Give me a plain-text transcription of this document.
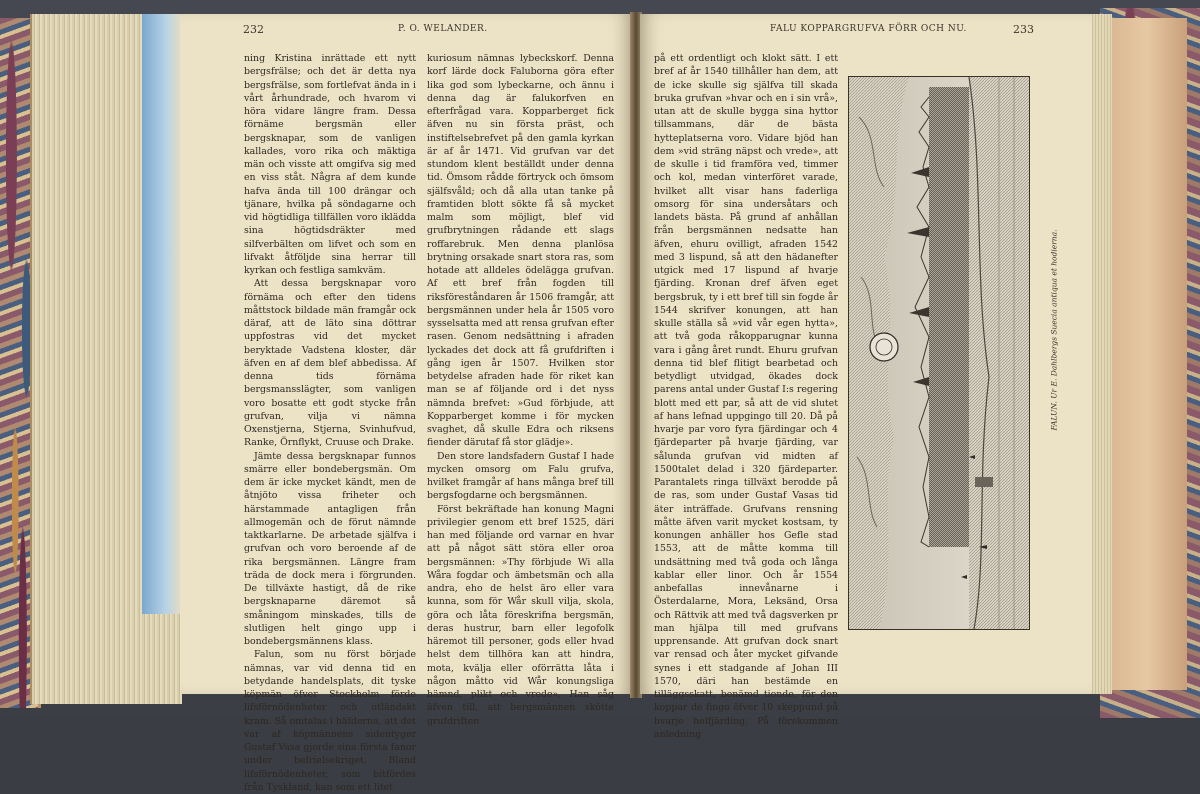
232	P. O. WELANDER.

ning Kristina inrättade ett nytt bergsfrälse; och det är detta nya bergsfrälse, som fortlefvat ända in i vårt århundrade, och hvarom vi höra vidare längre fram. Dessa förnäme bergsmän eller bergsknapar, som de vanligen kallades, voro rika och mäktiga män och visste att omgifva sig med en viss ståt. Några af dem kunde hafva ända till 100 drängar och tjänare, hvilka på söndagarne och vid högtidliga tillfällen voro iklädda sina högtidsdräkter med silfverbälten om lifvet och som en lifvakt åtföljde sina herrar till kyrkan och festliga samkväm.

Att dessa bergsknapar voro förnäma och efter den tidens måttstock bildade män framgår ock däraf, att de läto sina döttrar uppfostras vid det mycket beryktade Vadstena kloster, där äfven en af dem blef abbedissa. Af denna tids förnäma bergsmansslägter, som vanligen voro bosatte ett godt stycke från grufvan, vilja vi nämna Oxenstjerna, Stjerna, Svinhufvud, Ranke, Örnflykt, Cruuse och Drake.

Jämte dessa bergsknapar funnos smärre eller bondebergsmän. Om dem är icke mycket kändt, men de åtnjöto vissa friheter och härstammade antagligen från allmogemän och de förut nämnde taktkarlarne. De arbetade själfva i grufvan och voro beroende af de rika bergsmännen. Längre fram träda de dock mera i förgrunden. De tillväxte hastigt, då de rike bergsknaparne däremot så småningom minskades, tills de slutligen helt gingo upp i bondebergsmännens klass.

Falun, som nu först började nämnas, var vid denna tid en betydande handelsplats, dit tyske köpmän öfver Stockholm förde lifsförnödenheter och utländskt kram. Så omtalas i häfderna, att det var af köpmännens sidentyger Gustaf Vasa gjorde sina första fanor under befrielsekriget. Bland lifsförnödenheter, som bitfördes från Tyskland, kan som ett litet

kuriosum nämnas lybeckskorf. Denna korf lärde dock Faluborna göra efter lika god som lybeckarne, och ännu i denna dag är falukorfven en efterfrågad vara. Kopparberget fick äfven nu sin första präst, och instiftelsebrefvet på den gamla kyrkan är af år 1471. Vid grufvan var det stundom klent beställdt under denna tid. Ömsom rådde förtryck och ömsom själfsvåld; och då alla utan tanke på framtiden blott sökte få så mycket malm som möjligt, blef vid grufbrytningen rådande ett slags roffarebruk. Men denna planlösa brytning orsakade snart stora ras, som hotade att alldeles ödelägga grufvan. Af ett bref från fogden till riksföreståndaren år 1506 framgår, att bergsmännen under hela år 1505 voro sysselsatta med att rensa grufvan efter rasen. Genom nedsättning i afraden lyckades det dock att få grufdriften i gång igen år 1507. Hvilken stor betydelse afraden hade för riket kan man se af följande ord i det nyss nämnda brefvet: »Gud förbjude, att Kopparberget komme i för mycken svaghet, då skulle Edra och riksens fiender därutaf få stor glädje».

Den store landsfadern Gustaf I hade mycken omsorg om Falu grufva, hvilket framgår af hans många bref till bergsfogdarne och bergsmännen.

Först bekräftade han konung Magni privilegier genom ett bref 1525, däri han med följande ord varnar en hvar att på något sätt störa eller oroa bergsmännen: »Thy förbjude Wi alla Wåra fogdar och ämbetsmän och alla andra, eho de helst äro eller vara kunna, som för Wår skull vilja, skola, göra och låta föreskrifna bergsmän, deras hustrur, barn eller legofolk häremot till personer, gods eller hvad helst dem tillhöra kan att hindra, mota, kvälja eller oförrätta låta i någon måtto vid Wår konungsliga hämnd, plikt och vrede». Han såg äfven till, att bergsmännen skötte grufdriften

FALU KOPPARGRUFVA FÖRR OCH NU.	233

på ett ordentligt och klokt sätt. I ett bref af år 1540 tillhåller han dem, att de icke skulle sig själfva till skada bruka grufvan »hvar och en i sin vrå», utan att de skulle bygga sina hyttor tillsammans, där de bästa hytteplatserna voro. Vidare bjöd han dem »vid sträng näpst och vrede», att de skulle i tid framföra ved, timmer och kol, medan vinterföret varade, hvilket allt visar hans faderliga omsorg för sina undersåtars och landets bästa. På grund af anhållan från bergsmännen nedsatte han äfven, ehuru ovilligt, afraden 1542 med 3 lispund, så att den hädanefter utgick med 17 lispund af hvarje fjärding. Kronan dref äfven eget bergsbruk, ty i ett bref till sin fogde år 1544 skrifver konungen, att han skulle ställa så »vid vår egen hytta», att två goda råkopparugnar kunna vara i gång året rundt. Ehuru grufvan denna tid blef flitigt bearbetad och betydligt utvidgad, ökades dock parens antal under Gustaf I:s regering blott med ett par, så att de vid slutet af hans lefnad uppgingo till 20. Då på hvarje par voro fyra fjärdingar och 4 fjärdeparter på hvarje fjärding, var sålunda grufvan vid midten af 1500talet delad i 320 fjärdeparter. Parantalets ringa tillväxt berodde på de ras, som under Gustaf Vasas tid äter inträffade. Grufvans rensning måtte äfven varit mycket kostsam, ty konungen anhäller hos Gefle stad 1553, att de måtte komma till undsättning med två goda och långa kablar eller linor. Och år 1554 anbefallas innevånarne i Österdalarne, Mora, Leksänd, Orsa och Rättvik att med två dagsverken pr man hjälpa till med grufvans upprensande. Att grufvan dock snart var rensad och åter mycket gifvande synes i ett stadgande af Johan III 1570, däri han bestämde en tilläggsskatt, benämd tionde, för den koppar de fingo öfver 10 skeppund på hvarje helfjärding. På förekommen anledning

FALUN. Ur E. Dahlbergs Suecia antiqua et hodierna.
